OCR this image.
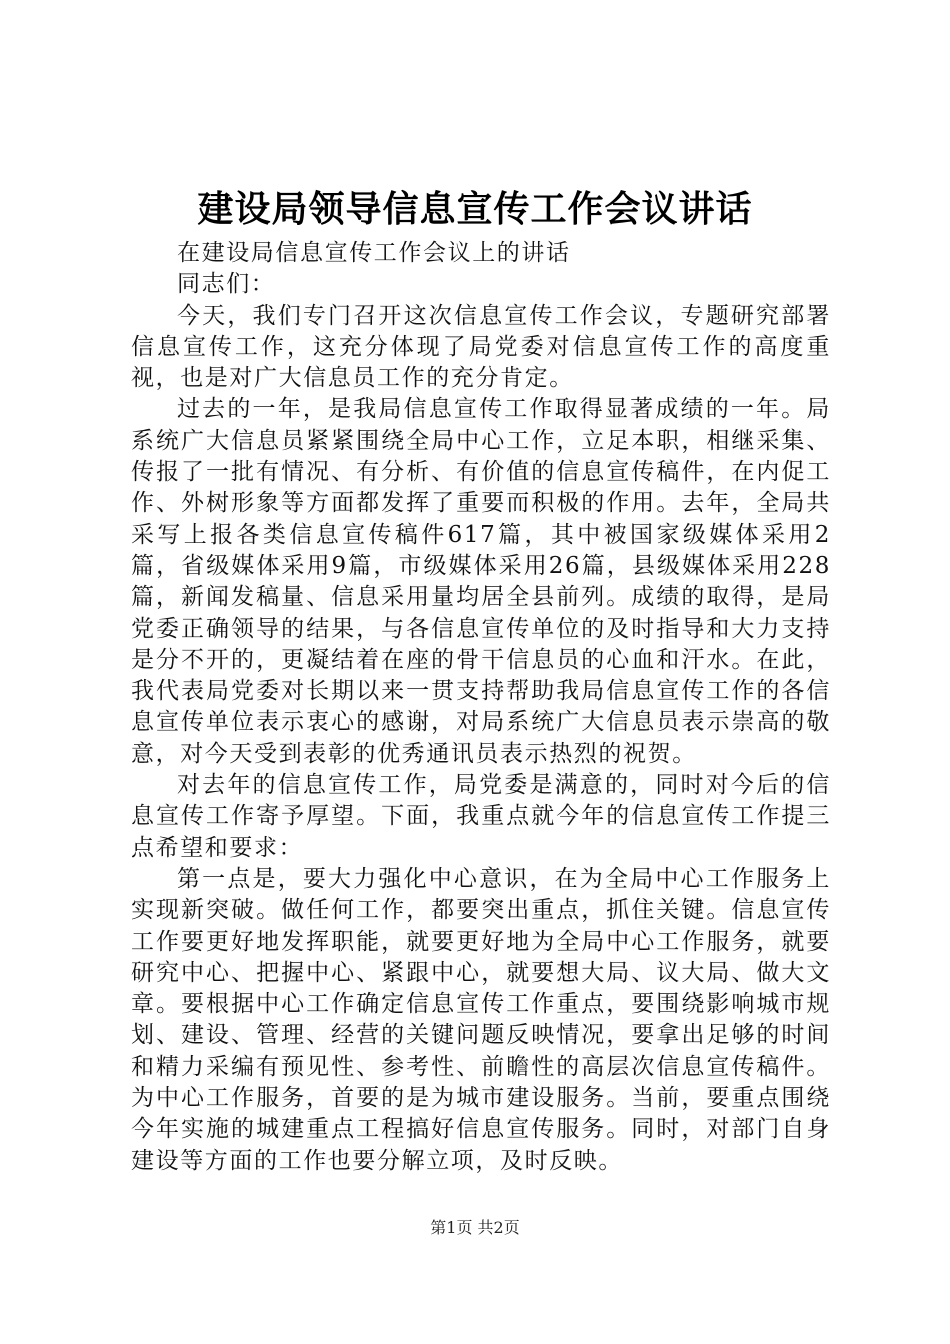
建设局领导信息宣传工作会议讲话

在建设局信息宣传工作会议上的讲话

同志们：

今天，我们专门召开这次信息宣传工作会议，专题研究部署信息宣传工作，这充分体现了局党委对信息宣传工作的高度重视，也是对广大信息员工作的充分肯定。

过去的一年，是我局信息宣传工作取得显著成绩的一年。局系统广大信息员紧紧围绕全局中心工作，立足本职，相继采集、传报了一批有情况、有分析、有价值的信息宣传稿件，在内促工作、外树形象等方面都发挥了重要而积极的作用。去年，全局共采写上报各类信息宣传稿件617篇，其中被国家级媒体采用2篇，省级媒体采用9篇，市级媒体采用26篇，县级媒体采用228篇，新闻发稿量、信息采用量均居全县前列。成绩的取得，是局党委正确领导的结果，与各信息宣传单位的及时指导和大力支持是分不开的，更凝结着在座的骨干信息员的心血和汗水。在此，我代表局党委对长期以来一贯支持帮助我局信息宣传工作的各信息宣传单位表示衷心的感谢，对局系统广大信息员表示崇高的敬意，对今天受到表彰的优秀通讯员表示热烈的祝贺。

对去年的信息宣传工作，局党委是满意的，同时对今后的信息宣传工作寄予厚望。下面，我重点就今年的信息宣传工作提三点希望和要求：

第一点是，要大力强化中心意识，在为全局中心工作服务上实现新突破。做任何工作，都要突出重点，抓住关键。信息宣传工作要更好地发挥职能，就要更好地为全局中心工作服务，就要研究中心、把握中心、紧跟中心，就要想大局、议大局、做大文章。要根据中心工作确定信息宣传工作重点，要围绕影响城市规划、建设、管理、经营的关键问题反映情况，要拿出足够的时间和精力采编有预见性、参考性、前瞻性的高层次信息宣传稿件。为中心工作服务，首要的是为城市建设服务。当前，要重点围绕今年实施的城建重点工程搞好信息宣传服务。同时，对部门自身建设等方面的工作也要分解立项，及时反映。

第1页 共2页
